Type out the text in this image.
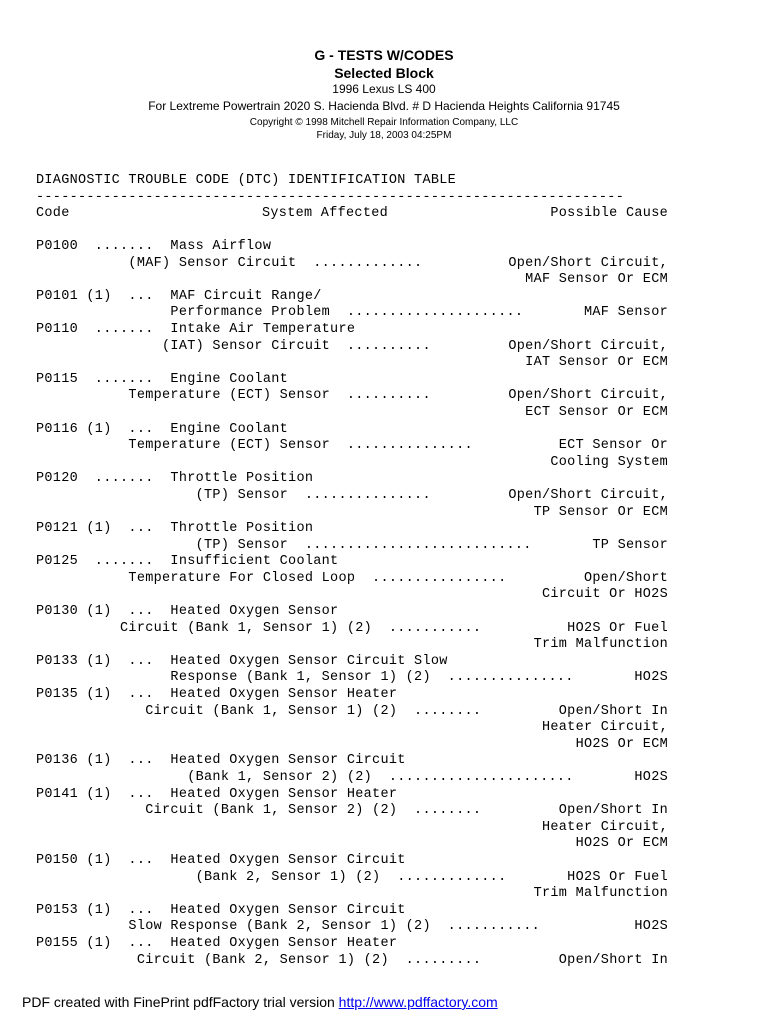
G - TESTS W/CODES
Selected Block
1996 Lexus LS 400
For Lextreme Powertrain 2020 S. Hacienda Blvd. # D Hacienda Heights California 91745
Copyright © 1998 Mitchell Repair Information Company, LLC
Friday, July 18, 2003 04:25PM
DIAGNOSTIC TROUBLE CODE (DTC) IDENTIFICATION TABLE
----------------------------------------------------------------------

Code

	System Affected

	Possible Cause

P0100  .......  Mass Airflow
(MAF) Sensor Circuit  .............	Open/Short Circuit,
MAF Sensor Or ECM
P0101 (1)  ...  MAF Circuit Range/
Performance Problem  .....................	MAF Sensor
P0110  .......  Intake Air Temperature
(IAT) Sensor Circuit  ..........	Open/Short Circuit,
IAT Sensor Or ECM
P0115  .......  Engine Coolant
Temperature (ECT) Sensor  ..........	Open/Short Circuit,
ECT Sensor Or ECM
P0116 (1)  ...  Engine Coolant
Temperature (ECT) Sensor  ...............	ECT Sensor Or
Cooling System
P0120  .......  Throttle Position
(TP) Sensor  ...............	Open/Short Circuit,
TP Sensor Or ECM
P0121 (1)  ...  Throttle Position
(TP) Sensor  ...........................	TP Sensor
P0125  .......  Insufficient Coolant
Temperature For Closed Loop  ................	Open/Short
Circuit Or HO2S
P0130 (1)  ...  Heated Oxygen Sensor
Circuit (Bank 1, Sensor 1) (2)  ...........	HO2S Or Fuel
Trim Malfunction
P0133 (1)  ...  Heated Oxygen Sensor Circuit Slow
Response (Bank 1, Sensor 1) (2)  ...............	HO2S
P0135 (1)  ...  Heated Oxygen Sensor Heater
Circuit (Bank 1, Sensor 1) (2)  ........	Open/Short In
Heater Circuit,
HO2S Or ECM
P0136 (1)  ...  Heated Oxygen Sensor Circuit
(Bank 1, Sensor 2) (2)  ......................	HO2S
P0141 (1)  ...  Heated Oxygen Sensor Heater
Circuit (Bank 1, Sensor 2) (2)  ........	Open/Short In
Heater Circuit,
HO2S Or ECM
P0150 (1)  ...  Heated Oxygen Sensor Circuit
(Bank 2, Sensor 1) (2)  .............	HO2S Or Fuel
Trim Malfunction
P0153 (1)  ...  Heated Oxygen Sensor Circuit
Slow Response (Bank 2, Sensor 1) (2)  ...........	HO2S
P0155 (1)  ...  Heated Oxygen Sensor Heater
Circuit (Bank 2, Sensor 1) (2)  .........	Open/Short In
PDF created with FinePrint pdfFactory trial version http://www.pdffactory.com
